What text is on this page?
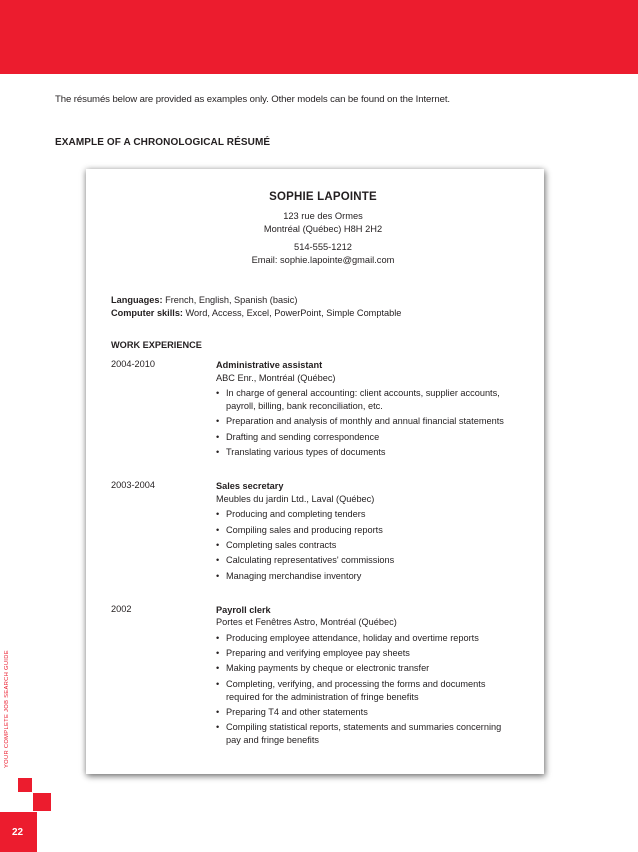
The résumés below are provided as examples only. Other models can be found on the Internet.
EXAMPLE OF A CHRONOLOGICAL RÉSUMÉ
SOPHIE LAPOINTE
123 rue des Ormes
Montréal (Québec) H8H 2H2
514-555-1212
Email: sophie.lapointe@gmail.com
Languages: French, English, Spanish (basic)
Computer skills: Word, Access, Excel, PowerPoint, Simple Comptable
WORK EXPERIENCE
2004-2010	Administrative assistant
ABC Enr., Montréal (Québec)
• In charge of general accounting: client accounts, supplier accounts, payroll, billing, bank reconciliation, etc.
• Preparation and analysis of monthly and annual financial statements
• Drafting and sending correspondence
• Translating various types of documents
2003-2004	Sales secretary
Meubles du jardin Ltd., Laval (Québec)
• Producing and completing tenders
• Compiling sales and producing reports
• Completing sales contracts
• Calculating representatives' commissions
• Managing merchandise inventory
2002	Payroll clerk
Portes et Fenêtres Astro, Montréal (Québec)
• Producing employee attendance, holiday and overtime reports
• Preparing and verifying employee pay sheets
• Making payments by cheque or electronic transfer
• Completing, verifying, and processing the forms and documents required for the administration of fringe benefits
• Preparing T4 and other statements
• Compiling statistical reports, statements and summaries concerning pay and fringe benefits
YOUR COMPLETE JOB SEARCH GUIDE
22
